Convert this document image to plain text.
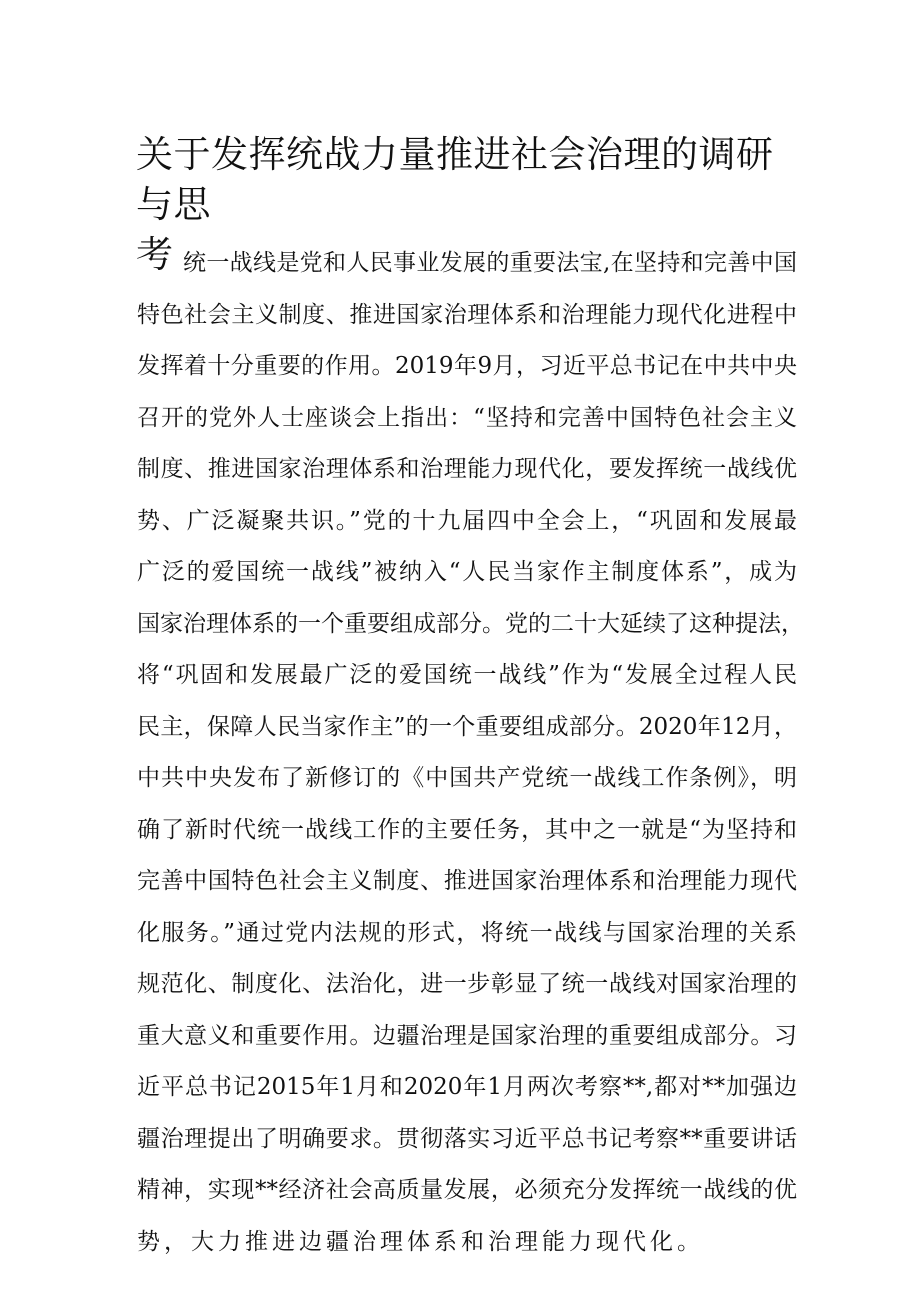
关于发挥统战力量推进社会治理的调研与思
考 统一战线是党和人民事业发展的重要法宝,在坚持和完善中国
特色社会主义制度、推进国家治理体系和治理能力现代化进程中
发挥着十分重要的作用。2019年9月，习近平总书记在中共中央
召开的党外人士座谈会上指出：“坚持和完善中国特色社会主义
制度、推进国家治理体系和治理能力现代化，要发挥统一战线优
势、广泛凝聚共识。”党的十九届四中全会上，“巩固和发展最
广泛的爱国统一战线”被纳入“人民当家作主制度体系”，成为
国家治理体系的一个重要组成部分。党的二十大延续了这种提法，
将“巩固和发展最广泛的爱国统一战线”作为“发展全过程人民
民主，保障人民当家作主”的一个重要组成部分。2020年12月，
中共中央发布了新修订的《中国共产党统一战线工作条例》，明
确了新时代统一战线工作的主要任务，其中之一就是“为坚持和
完善中国特色社会主义制度、推进国家治理体系和治理能力现代
化服务。”通过党内法规的形式，将统一战线与国家治理的关系
规范化、制度化、法治化，进一步彰显了统一战线对国家治理的
重大意义和重要作用。边疆治理是国家治理的重要组成部分。习
近平总书记2015年1月和2020年1月两次考察**,都对**加强边
疆治理提出了明确要求。贯彻落实习近平总书记考察**重要讲话
精神，实现**经济社会高质量发展，必须充分发挥统一战线的优
势，大力推进边疆治理体系和治理能力现代化。
